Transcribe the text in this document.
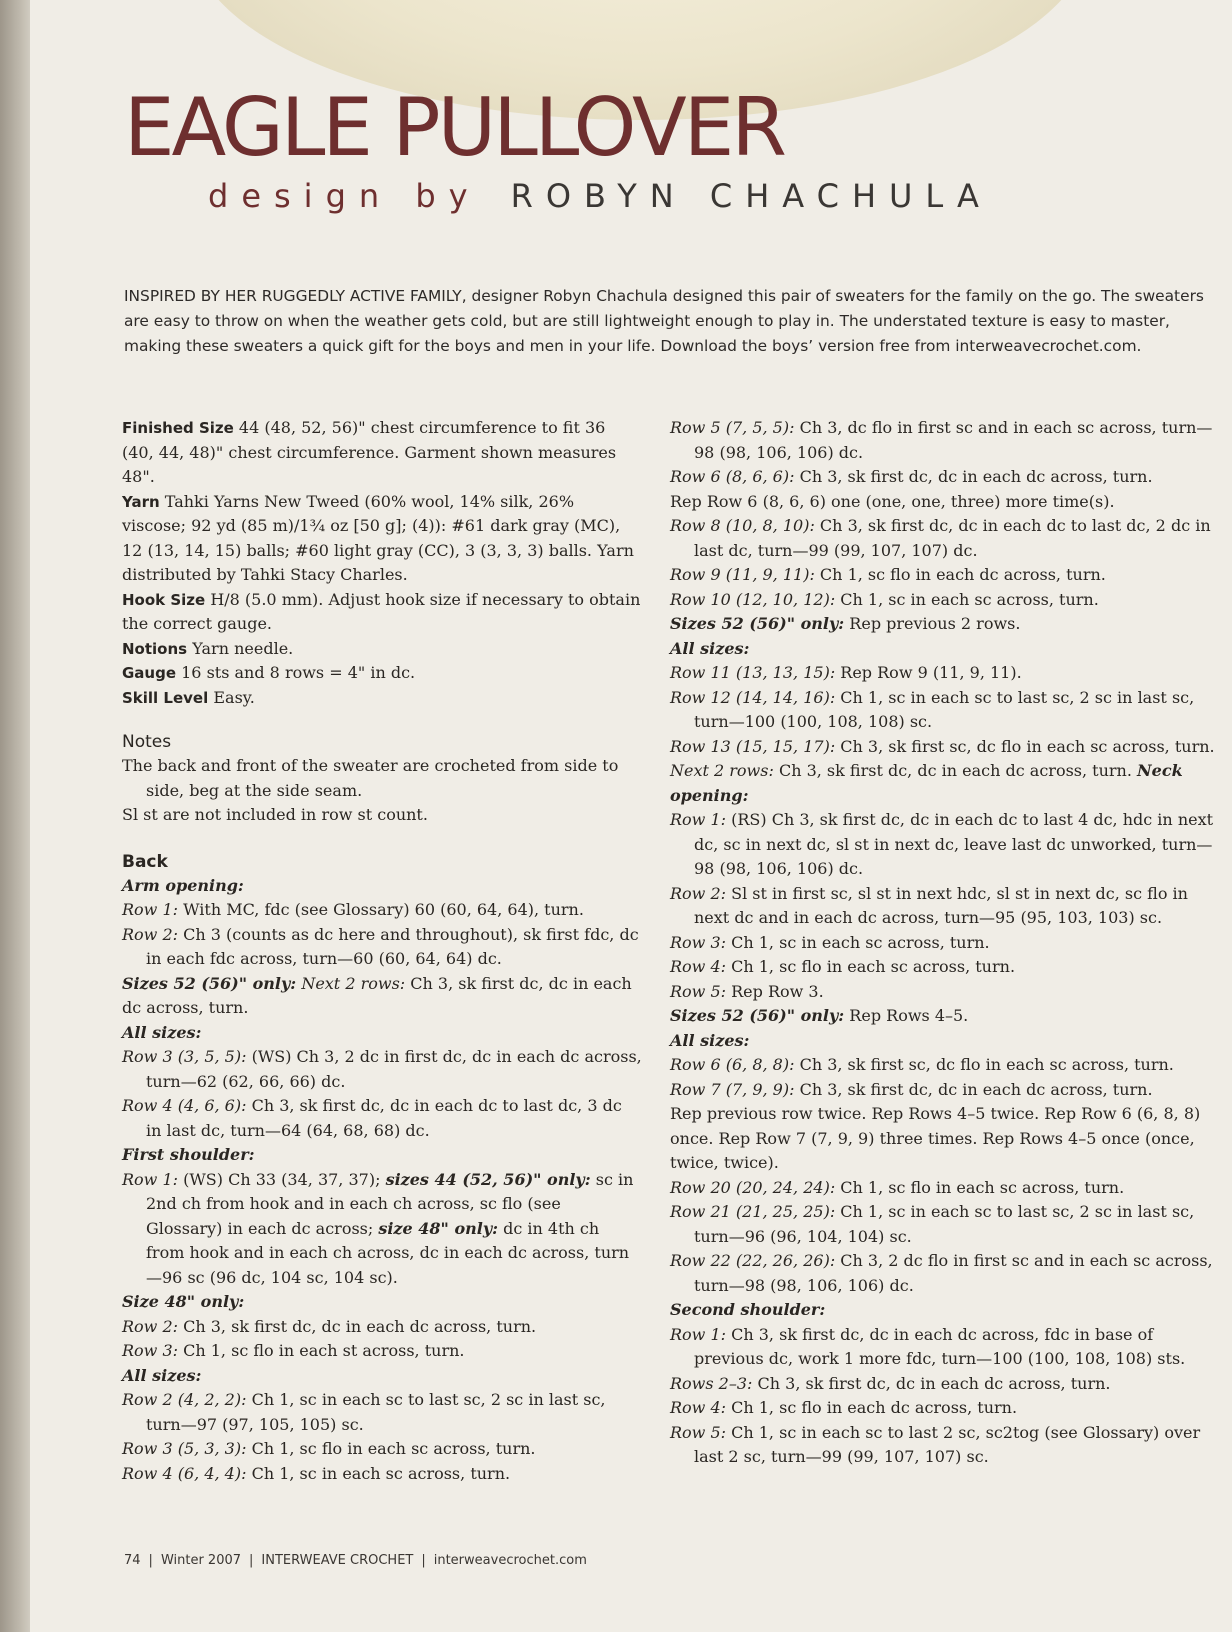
EAGLE PULLOVER
design by ROBYN CHACHULA

INSPIRED BY HER RUGGEDLY ACTIVE FAMILY, designer Robyn Chachula designed this pair of sweaters for the family on the go. The sweaters are easy to throw on when the weather gets cold, but are still lightweight enough to play in. The understated texture is easy to master, making these sweaters a quick gift for the boys and men in your life. Download the boys’ version free from interweavecrochet.com.

Finished Size 44 (48, 52, 56)" chest circumference to fit 36 (40, 44, 48)" chest circumference. Garment shown measures 48".

Yarn Tahki Yarns New Tweed (60% wool, 14% silk, 26% viscose; 92 yd (85 m)/1¾ oz [50 g]; (4)): #61 dark gray (MC), 12 (13, 14, 15) balls; #60 light gray (CC), 3 (3, 3, 3) balls. Yarn distributed by Tahki Stacy Charles.

Hook Size H/8 (5.0 mm). Adjust hook size if necessary to obtain the correct gauge.

Notions Yarn needle.

Gauge 16 sts and 8 rows = 4" in dc.

Skill Level Easy.

Notes

The back and front of the sweater are crocheted from side to side, beg at the side seam.

Sl st are not included in row st count.

Back

Arm opening:

Row 1: With MC, fdc (see Glossary) 60 (60, 64, 64), turn.

Row 2: Ch 3 (counts as dc here and throughout), sk first fdc, dc in each fdc across, turn—60 (60, 64, 64) dc.

Sizes 52 (56)" only: Next 2 rows: Ch 3, sk first dc, dc in each dc across, turn.

All sizes:

Row 3 (3, 5, 5): (WS) Ch 3, 2 dc in first dc, dc in each dc across, turn—62 (62, 66, 66) dc.

Row 4 (4, 6, 6): Ch 3, sk first dc, dc in each dc to last dc, 3 dc in last dc, turn—64 (64, 68, 68) dc.

First shoulder:

Row 1: (WS) Ch 33 (34, 37, 37); sizes 44 (52, 56)" only: sc in 2nd ch from hook and in each ch across, sc flo (see Glossary) in each dc across; size 48" only: dc in 4th ch from hook and in each ch across, dc in each dc across, turn—96 sc (96 dc, 104 sc, 104 sc).

Size 48" only:

Row 2: Ch 3, sk first dc, dc in each dc across, turn.

Row 3: Ch 1, sc flo in each st across, turn.

All sizes:

Row 2 (4, 2, 2): Ch 1, sc in each sc to last sc, 2 sc in last sc, turn—97 (97, 105, 105) sc.

Row 3 (5, 3, 3): Ch 1, sc flo in each sc across, turn.

Row 4 (6, 4, 4): Ch 1, sc in each sc across, turn.

Row 5 (7, 5, 5): Ch 3, dc flo in first sc and in each sc across, turn—98 (98, 106, 106) dc.

Row 6 (8, 6, 6): Ch 3, sk first dc, dc in each dc across, turn.

Rep Row 6 (8, 6, 6) one (one, one, three) more time(s).

Row 8 (10, 8, 10): Ch 3, sk first dc, dc in each dc to last dc, 2 dc in last dc, turn—99 (99, 107, 107) dc.

Row 9 (11, 9, 11): Ch 1, sc flo in each dc across, turn.

Row 10 (12, 10, 12): Ch 1, sc in each sc across, turn.

Sizes 52 (56)" only: Rep previous 2 rows.

All sizes:

Row 11 (13, 13, 15): Rep Row 9 (11, 9, 11).

Row 12 (14, 14, 16): Ch 1, sc in each sc to last sc, 2 sc in last sc, turn—100 (100, 108, 108) sc.

Row 13 (15, 15, 17): Ch 3, sk first sc, dc flo in each sc across, turn.

Next 2 rows: Ch 3, sk first dc, dc in each dc across, turn. Neck opening:

Row 1: (RS) Ch 3, sk first dc, dc in each dc to last 4 dc, hdc in next dc, sc in next dc, sl st in next dc, leave last dc unworked, turn—98 (98, 106, 106) dc.

Row 2: Sl st in first sc, sl st in next hdc, sl st in next dc, sc flo in next dc and in each dc across, turn—95 (95, 103, 103) sc.

Row 3: Ch 1, sc in each sc across, turn.

Row 4: Ch 1, sc flo in each sc across, turn.

Row 5: Rep Row 3.

Sizes 52 (56)" only: Rep Rows 4–5.

All sizes:

Row 6 (6, 8, 8): Ch 3, sk first sc, dc flo in each sc across, turn.

Row 7 (7, 9, 9): Ch 3, sk first dc, dc in each dc across, turn.

Rep previous row twice. Rep Rows 4–5 twice. Rep Row 6 (6, 8, 8) once. Rep Row 7 (7, 9, 9) three times. Rep Rows 4–5 once (once, twice, twice).

Row 20 (20, 24, 24): Ch 1, sc flo in each sc across, turn.

Row 21 (21, 25, 25): Ch 1, sc in each sc to last sc, 2 sc in last sc, turn—96 (96, 104, 104) sc.

Row 22 (22, 26, 26): Ch 3, 2 dc flo in first sc and in each sc across, turn—98 (98, 106, 106) dc.

Second shoulder:

Row 1: Ch 3, sk first dc, dc in each dc across, fdc in base of previous dc, work 1 more fdc, turn—100 (100, 108, 108) sts.

Rows 2–3: Ch 3, sk first dc, dc in each dc across, turn.

Row 4: Ch 1, sc flo in each dc across, turn.

Row 5: Ch 1, sc in each sc to last 2 sc, sc2tog (see Glossary) over last 2 sc, turn—99 (99, 107, 107) sc.

74 | Winter 2007 | INTERWEAVE CROCHET | interweavecrochet.com
